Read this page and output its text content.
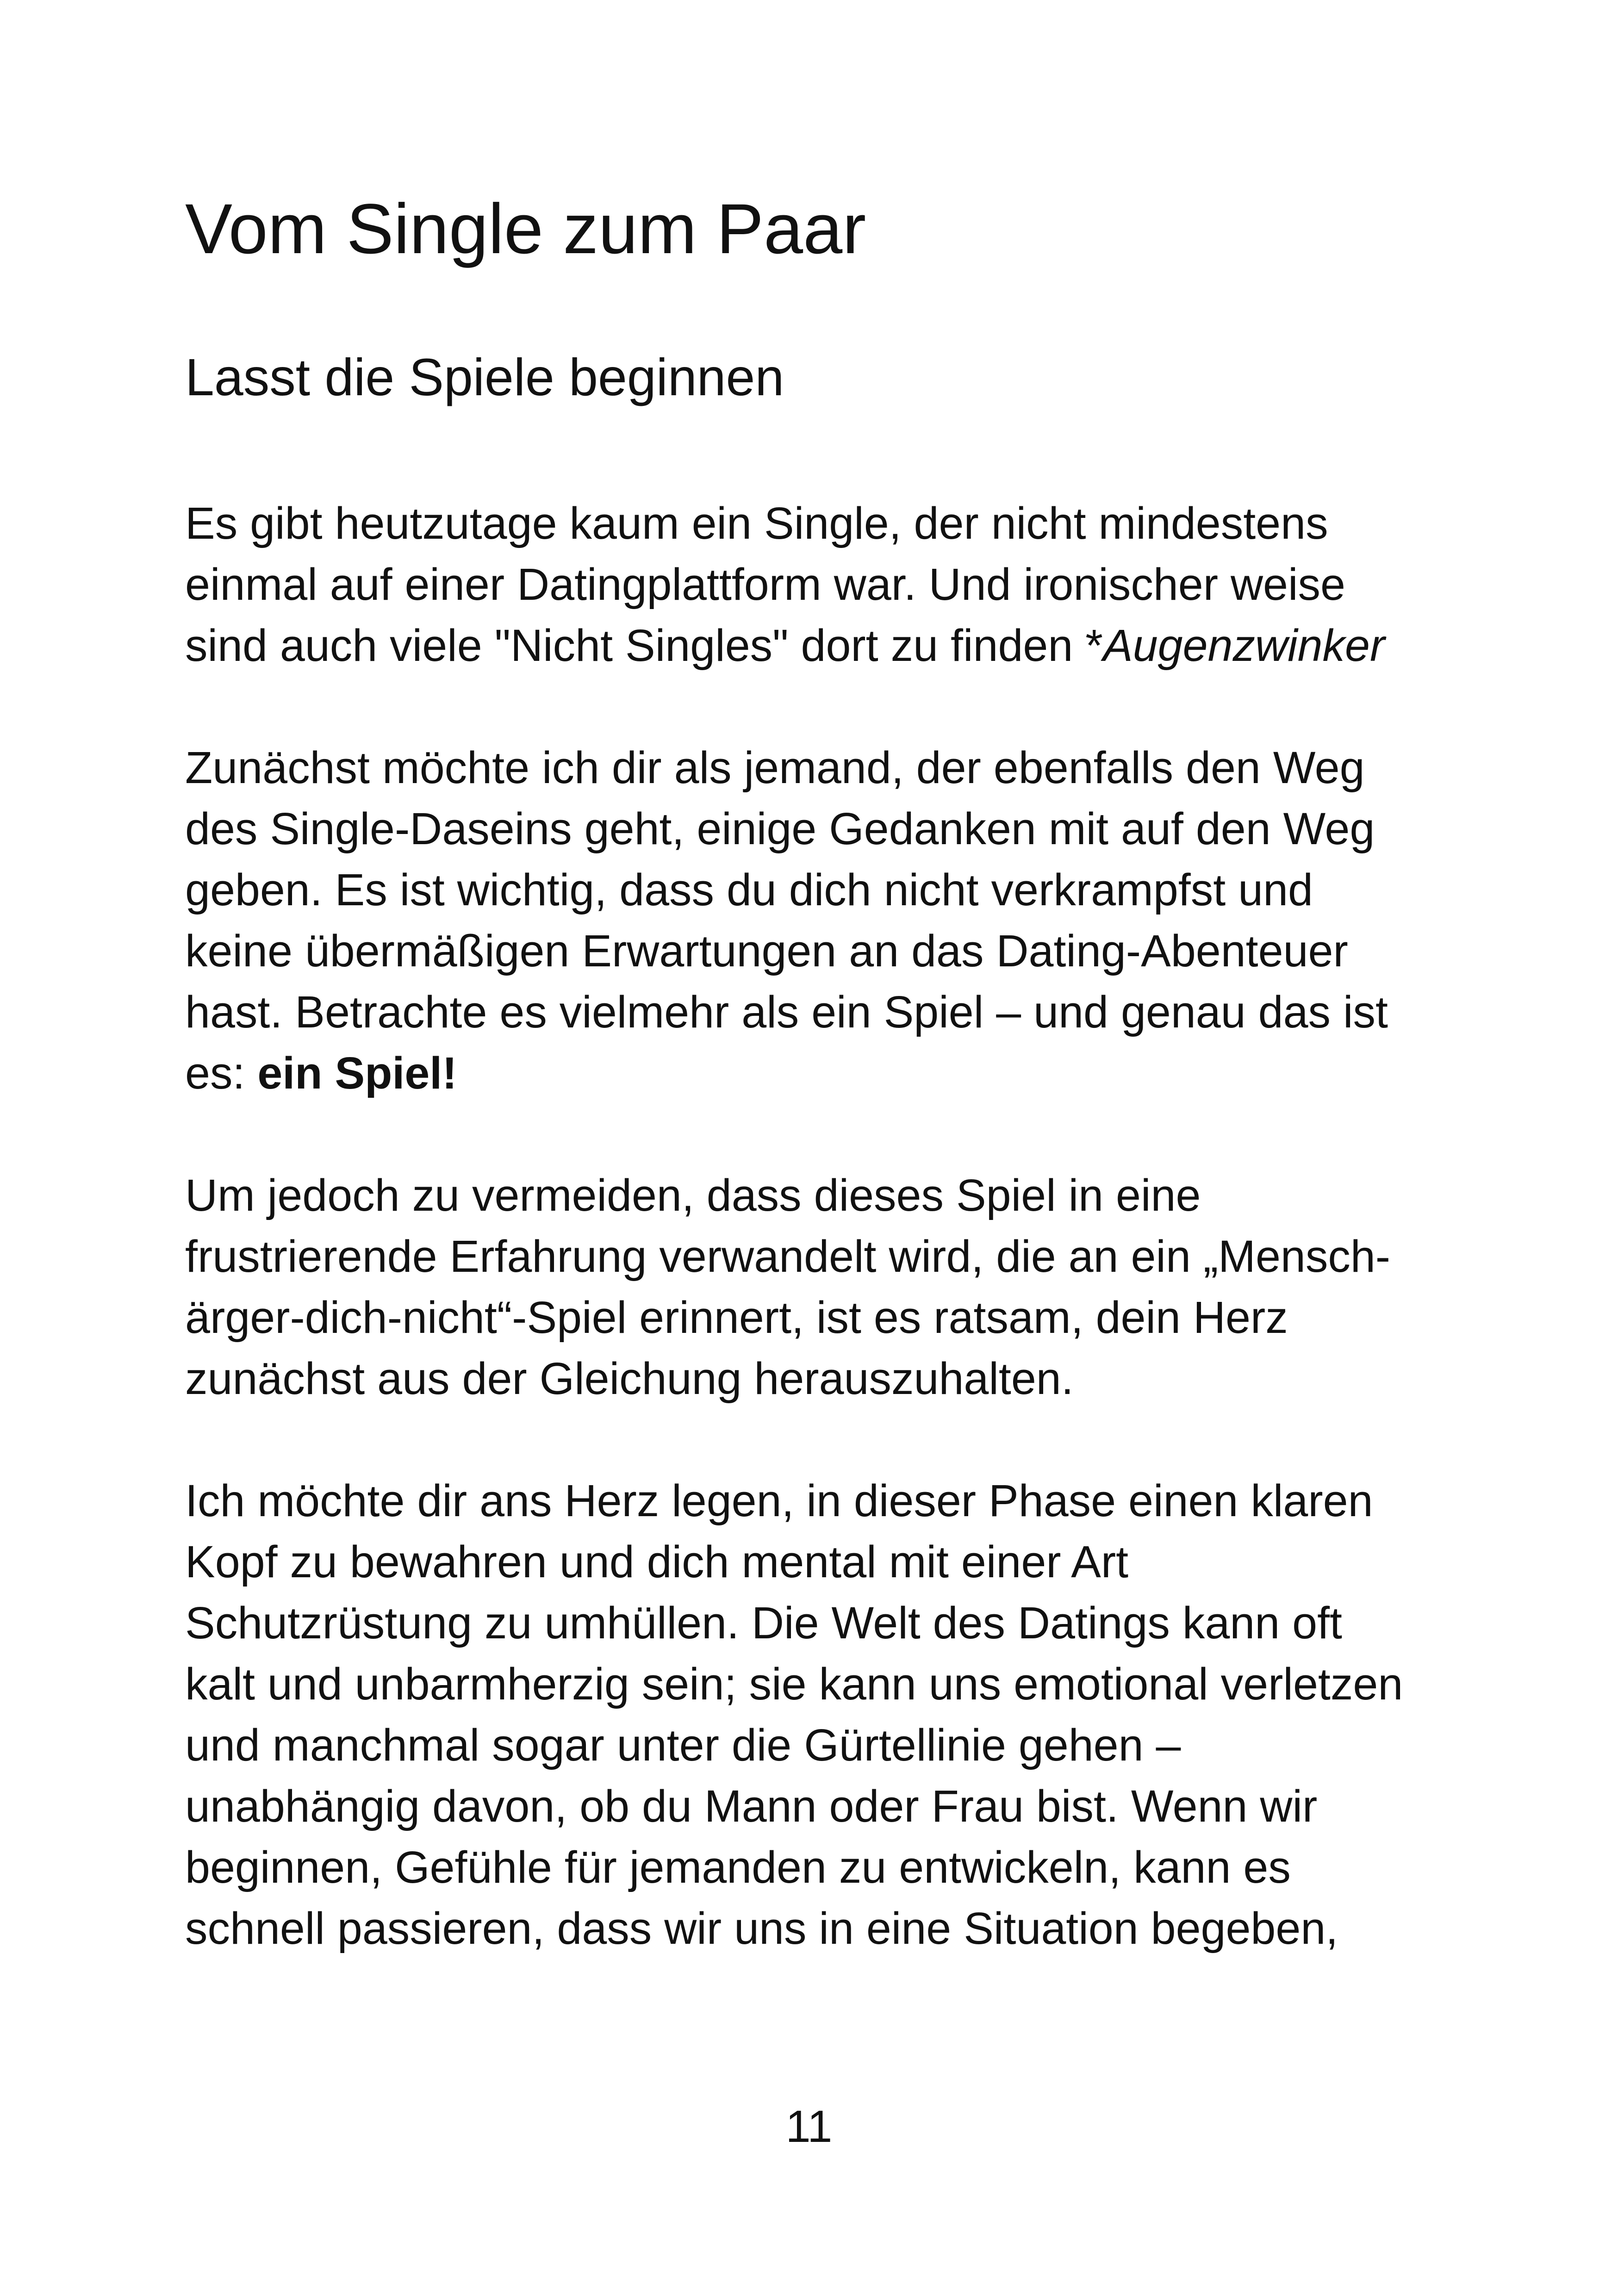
Vom Single zum Paar
Lasst die Spiele beginnen

Es gibt heutzutage kaum ein Single, der nicht mindestens
einmal auf einer Datingplattform war. Und ironischer weise
sind auch viele "Nicht Singles" dort zu finden *Augenzwinker

Zunächst möchte ich dir als jemand, der ebenfalls den Weg
des Single-Daseins geht, einige Gedanken mit auf den Weg
geben. Es ist wichtig, dass du dich nicht verkrampfst und
keine übermäßigen Erwartungen an das Dating-Abenteuer
hast. Betrachte es vielmehr als ein Spiel – und genau das ist
es: ein Spiel!

Um jedoch zu vermeiden, dass dieses Spiel in eine
frustrierende Erfahrung verwandelt wird, die an ein „Mensch-
ärger-dich-nicht“-Spiel erinnert, ist es ratsam, dein Herz
zunächst aus der Gleichung herauszuhalten.

Ich möchte dir ans Herz legen, in dieser Phase einen klaren
Kopf zu bewahren und dich mental mit einer Art
Schutzrüstung zu umhüllen. Die Welt des Datings kann oft
kalt und unbarmherzig sein; sie kann uns emotional verletzen
und manchmal sogar unter die Gürtellinie gehen –
unabhängig davon, ob du Mann oder Frau bist. Wenn wir
beginnen, Gefühle für jemanden zu entwickeln, kann es
schnell passieren, dass wir uns in eine Situation begeben,

11
